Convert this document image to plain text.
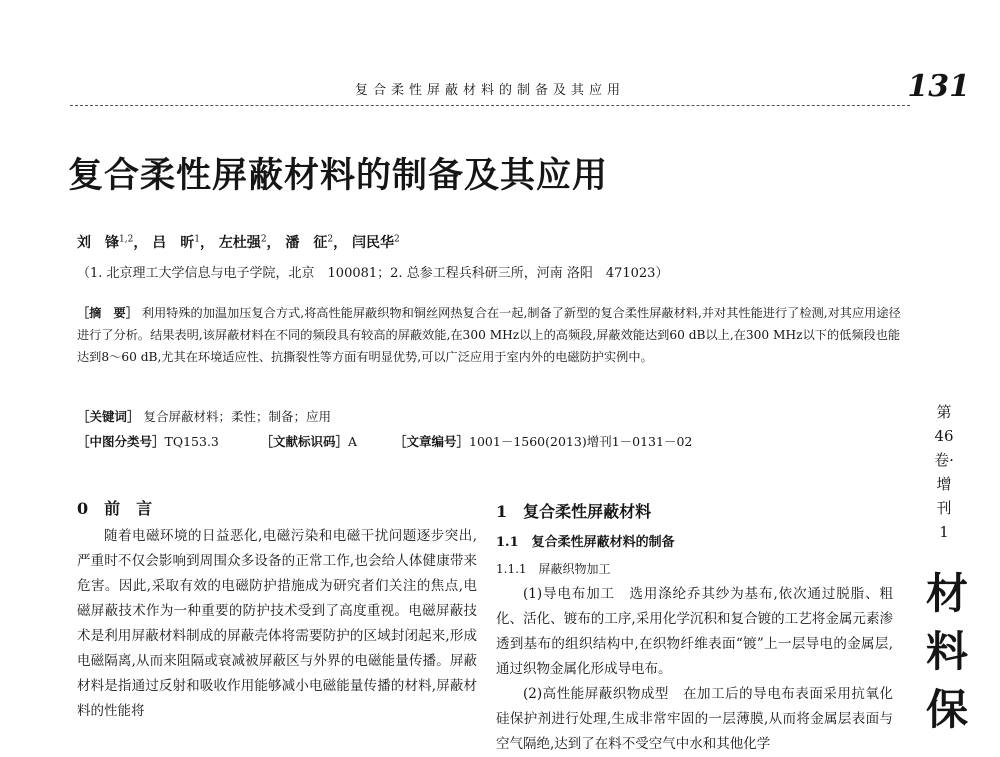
复合柔性屏蔽材料的制备及其应用	131
复合柔性屏蔽材料的制备及其应用
刘　锋$^{1,2}$， 吕　昕$^1$， 左杜强$^2$， 潘　征$^2$， 闫民华$^2$
（1. 北京理工大学信息与电子学院，北京　100081；2. 总参工程兵科研三所，河南 洛阳　471023）
［摘　要］ 利用特殊的加温加压复合方式,将高性能屏蔽织物和铜丝网热复合在一起,制备了新型的复合柔性屏蔽材料,并对其性能进行了检测,对其应用途径进行了分析。结果表明,该屏蔽材料在不同的频段具有较高的屏蔽效能,在300 MHz以上的高频段,屏蔽效能达到60 dB以上,在300 MHz以下的低频段也能达到8～60 dB,尤其在环境适应性、抗撕裂性等方面有明显优势,可以广泛应用于室内外的电磁防护实例中。
［关键词］ 复合屏蔽材料；柔性；制备；应用
［中图分类号］TQ153.3	［文献标识码］A	［文章编号］1001－1560(2013)增刊1－0131－02
0　前　言
随着电磁环境的日益恶化,电磁污染和电磁干扰问题逐步突出,严重时不仅会影响到周围众多设备的正常工作,也会给人体健康带来危害。因此,采取有效的电磁防护措施成为研究者们关注的焦点,电磁屏蔽技术作为一种重要的防护技术受到了高度重视。电磁屏蔽技术是利用屏蔽材料制成的屏蔽壳体将需要防护的区域封闭起来,形成电磁隔离,从而来阻隔或衰减被屏蔽区与外界的电磁能量传播。屏蔽材料是指通过反射和吸收作用能够减小电磁能量传播的材料,屏蔽材料的性能将
1　复合柔性屏蔽材料
1.1　复合柔性屏蔽材料的制备
1.1.1　屏蔽织物加工

(1)导电布加工　选用涤纶乔其纱为基布,依次通过脱脂、粗化、活化、镀布的工序,采用化学沉积和复合镀的工艺将金属元素渗透到基布的组织结构中,在织物纤维表面“镀”上一层导电的金属层,通过织物金属化形成导电布。

(2)高性能屏蔽织物成型　在加工后的导电布表面采用抗氧化硅保护剂进行处理,生成非常牢固的一层薄膜,从而将金属层表面与空气隔绝,达到了在料不受空气中水和其他化学

第46卷·增刊1
材料保
